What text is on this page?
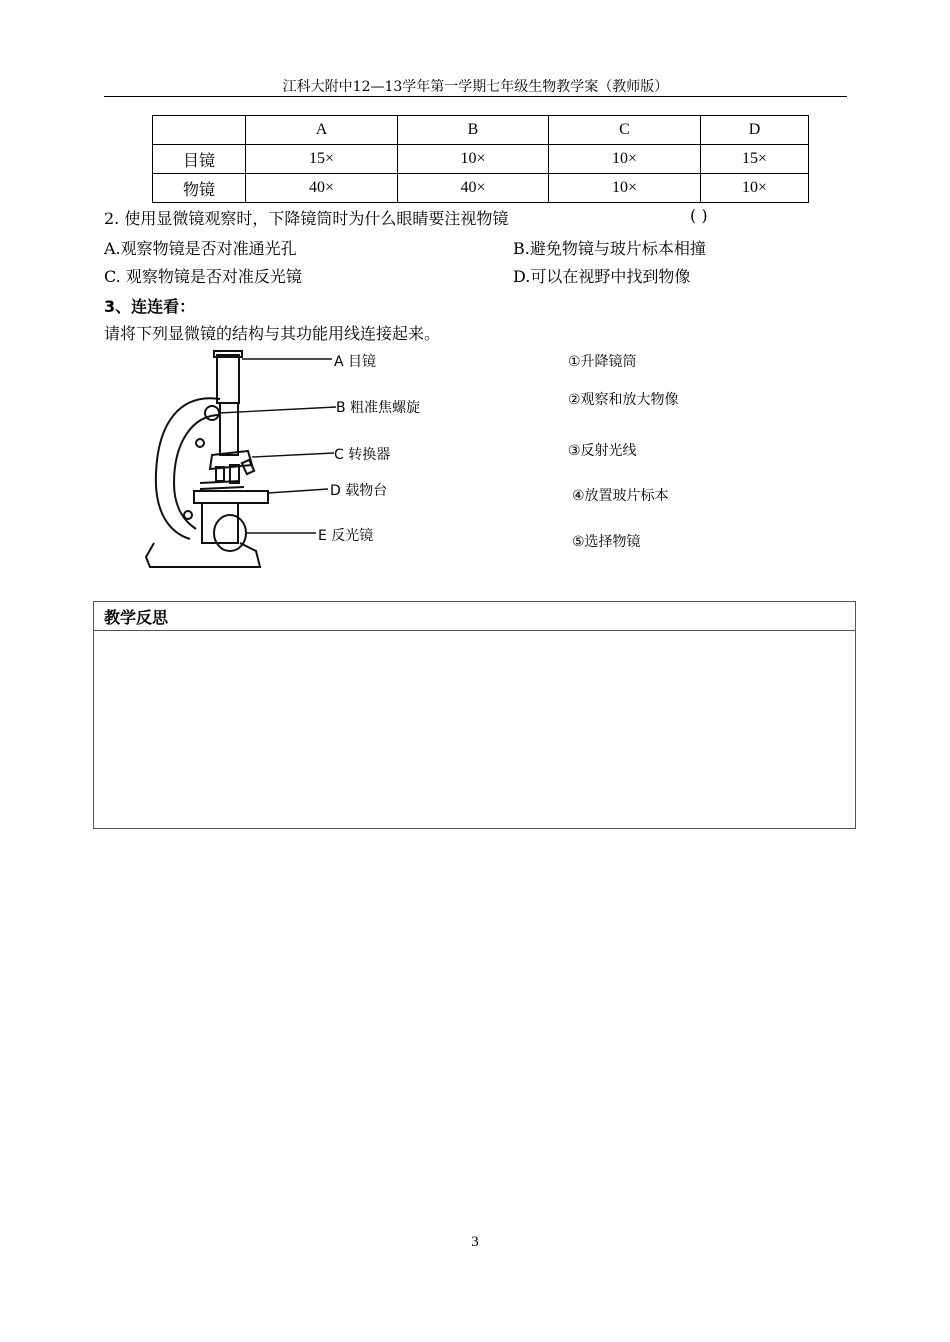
江科大附中12—13学年第一学期七年级生物教学案（教师版）
	A	B	C	D
目镜	15×	10×	10×	15×
物镜	40×	40×	10×	10×
2. 使用显微镜观察时，下降镜筒时为什么眼睛要注视物镜	( )
A.观察物镜是否对准通光孔	B.避免物镜与玻片标本相撞
C. 观察物镜是否对准反光镜	D.可以在视野中找到物像
3、连连看：
请将下列显微镜的结构与其功能用线连接起来。
A 目镜
B 粗准焦螺旋
C 转换器
D 载物台
E 反光镜
①升降镜筒
②观察和放大物像
③反射光线
④放置玻片标本
⑤选择物镜
教学反思
3
